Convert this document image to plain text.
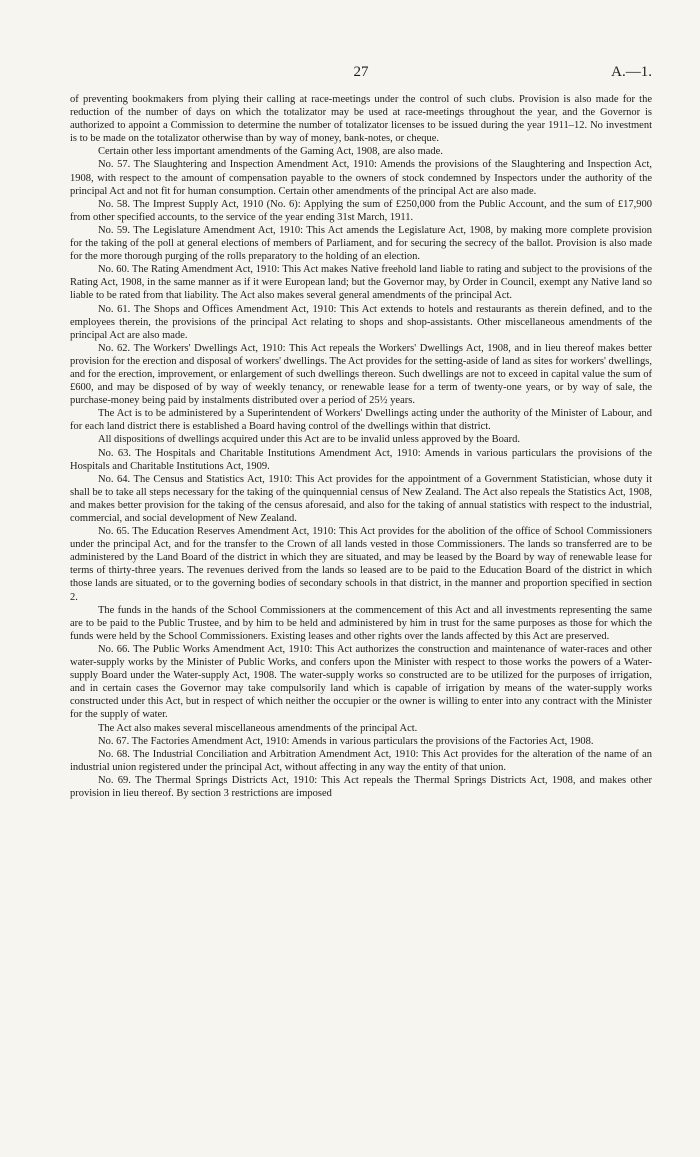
27	A.—1.

of preventing bookmakers from plying their calling at race-meetings under the control of such clubs. Provision is also made for the reduction of the number of days on which the totalizator may be used at race-meetings throughout the year, and the Governor is authorized to appoint a Commission to determine the number of totalizator licenses to be issued during the year 1911–12. No investment is to be made on the totalizator otherwise than by way of money, bank-notes, or cheque.

Certain other less important amendments of the Gaming Act, 1908, are also made.

No. 57. The Slaughtering and Inspection Amendment Act, 1910: Amends the provisions of the Slaughtering and Inspection Act, 1908, with respect to the amount of compensation payable to the owners of stock condemned by Inspectors under the authority of the principal Act and not fit for human consumption. Certain other amendments of the principal Act are also made.

No. 58. The Imprest Supply Act, 1910 (No. 6): Applying the sum of £250,000 from the Public Account, and the sum of £17,900 from other specified accounts, to the service of the year ending 31st March, 1911.

No. 59. The Legislature Amendment Act, 1910: This Act amends the Legislature Act, 1908, by making more complete provision for the taking of the poll at general elections of members of Parliament, and for securing the secrecy of the ballot. Provision is also made for the more thorough purging of the rolls preparatory to the holding of an election.

No. 60. The Rating Amendment Act, 1910: This Act makes Native freehold land liable to rating and subject to the provisions of the Rating Act, 1908, in the same manner as if it were European land; but the Governor may, by Order in Council, exempt any Native land so liable to be rated from that liability. The Act also makes several general amendments of the principal Act.

No. 61. The Shops and Offices Amendment Act, 1910: This Act extends to hotels and restaurants as therein defined, and to the employees therein, the provisions of the principal Act relating to shops and shop-assistants. Other miscellaneous amendments of the principal Act are also made.

No. 62. The Workers' Dwellings Act, 1910: This Act repeals the Workers' Dwellings Act, 1908, and in lieu thereof makes better provision for the erection and disposal of workers' dwellings. The Act provides for the setting-aside of land as sites for workers' dwellings, and for the erection, improvement, or enlargement of such dwellings thereon. Such dwellings are not to exceed in capital value the sum of £600, and may be disposed of by way of weekly tenancy, or renewable lease for a term of twenty-one years, or by way of sale, the purchase-money being paid by instalments distributed over a period of 25½ years.

The Act is to be administered by a Superintendent of Workers' Dwellings acting under the authority of the Minister of Labour, and for each land district there is established a Board having control of the dwellings within that district.

All dispositions of dwellings acquired under this Act are to be invalid unless approved by the Board.

No. 63. The Hospitals and Charitable Institutions Amendment Act, 1910: Amends in various particulars the provisions of the Hospitals and Charitable Institutions Act, 1909.

No. 64. The Census and Statistics Act, 1910: This Act provides for the appointment of a Government Statistician, whose duty it shall be to take all steps necessary for the taking of the quinquennial census of New Zealand. The Act also repeals the Statistics Act, 1908, and makes better provision for the taking of the census aforesaid, and also for the taking of annual statistics with respect to the industrial, commercial, and social development of New Zealand.

No. 65. The Education Reserves Amendment Act, 1910: This Act provides for the abolition of the office of School Commissioners under the principal Act, and for the transfer to the Crown of all lands vested in those Commissioners. The lands so transferred are to be administered by the Land Board of the district in which they are situated, and may be leased by the Board by way of renewable lease for terms of thirty-three years. The revenues derived from the lands so leased are to be paid to the Education Board of the district in which those lands are situated, or to the governing bodies of secondary schools in that district, in the manner and proportion specified in section 2.

The funds in the hands of the School Commissioners at the commencement of this Act and all investments representing the same are to be paid to the Public Trustee, and by him to be held and administered by him in trust for the same purposes as those for which the funds were held by the School Commissioners. Existing leases and other rights over the lands affected by this Act are preserved.

No. 66. The Public Works Amendment Act, 1910: This Act authorizes the construction and maintenance of water-races and other water-supply works by the Minister of Public Works, and confers upon the Minister with respect to those works the powers of a Water-supply Board under the Water-supply Act, 1908. The water-supply works so constructed are to be utilized for the purposes of irrigation, and in certain cases the Governor may take compulsorily land which is capable of irrigation by means of the water-supply works constructed under this Act, but in respect of which neither the occupier or the owner is willing to enter into any contract with the Minister for the supply of water.

The Act also makes several miscellaneous amendments of the principal Act.

No. 67. The Factories Amendment Act, 1910: Amends in various particulars the provisions of the Factories Act, 1908.

No. 68. The Industrial Conciliation and Arbitration Amendment Act, 1910: This Act provides for the alteration of the name of an industrial union registered under the principal Act, without affecting in any way the entity of that union.

No. 69. The Thermal Springs Districts Act, 1910: This Act repeals the Thermal Springs Districts Act, 1908, and makes other provision in lieu thereof. By section 3 restrictions are imposed
